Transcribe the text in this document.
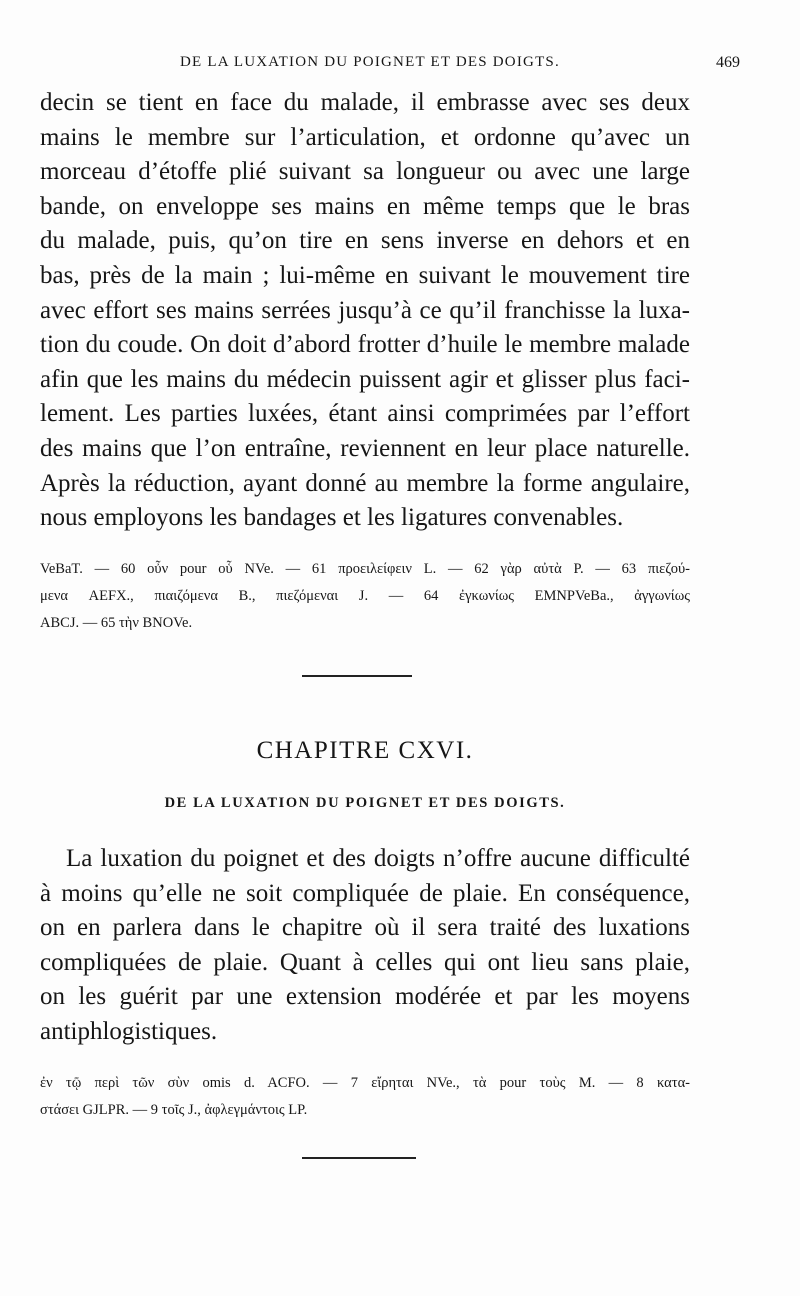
DE LA LUXATION DU POIGNET ET DES DOIGTS.	469
decin se tient en face du malade, il embrasse avec ses deux
mains le membre sur l’articulation, et ordonne qu’avec un
morceau d’étoffe plié suivant sa longueur ou avec une large
bande, on enveloppe ses mains en même temps que le bras
du malade, puis, qu’on tire en sens inverse en dehors et en
bas, près de la main ; lui-même en suivant le mouvement tire
avec effort ses mains serrées jusqu’à ce qu’il franchisse la luxa-
tion du coude. On doit d’abord frotter d’huile le membre malade
afin que les mains du médecin puissent agir et glisser plus faci-
lement. Les parties luxées, étant ainsi comprimées par l’effort
des mains que l’on entraîne, reviennent en leur place naturelle.
Après la réduction, ayant donné au membre la forme angulaire,
nous employons les bandages et les ligatures convenables.
VeBaT. — 60 οὖν pour οὗ NVe. — 61 προειλείφειν L. — 62 γὰρ αὐτὰ P. — 63 πιεζού-
μενα AEFX., πιαιζόμενα B., πιεζόμεναι J. — 64 ἐγκωνίως EMNPVeBa., ἀγγωνίως
ABCJ. — 65 τὴν BNOVe.
CHAPITRE CXVI.
DE LA LUXATION DU POIGNET ET DES DOIGTS.
La luxation du poignet et des doigts n’offre aucune difficulté
à moins qu’elle ne soit compliquée de plaie. En conséquence,
on en parlera dans le chapitre où il sera traité des luxations
compliquées de plaie. Quant à celles qui ont lieu sans plaie,
on les guérit par une extension modérée et par les moyens
antiphlogistiques.
ἐν τῷ περὶ τῶν σὺν omis d. ACFO. — 7 εἴρηται NVe., τὰ pour τοὺς M. — 8 κατα-
στάσει GJLPR. — 9 τοῖς J., ἀφλεγμάντοις LP.
